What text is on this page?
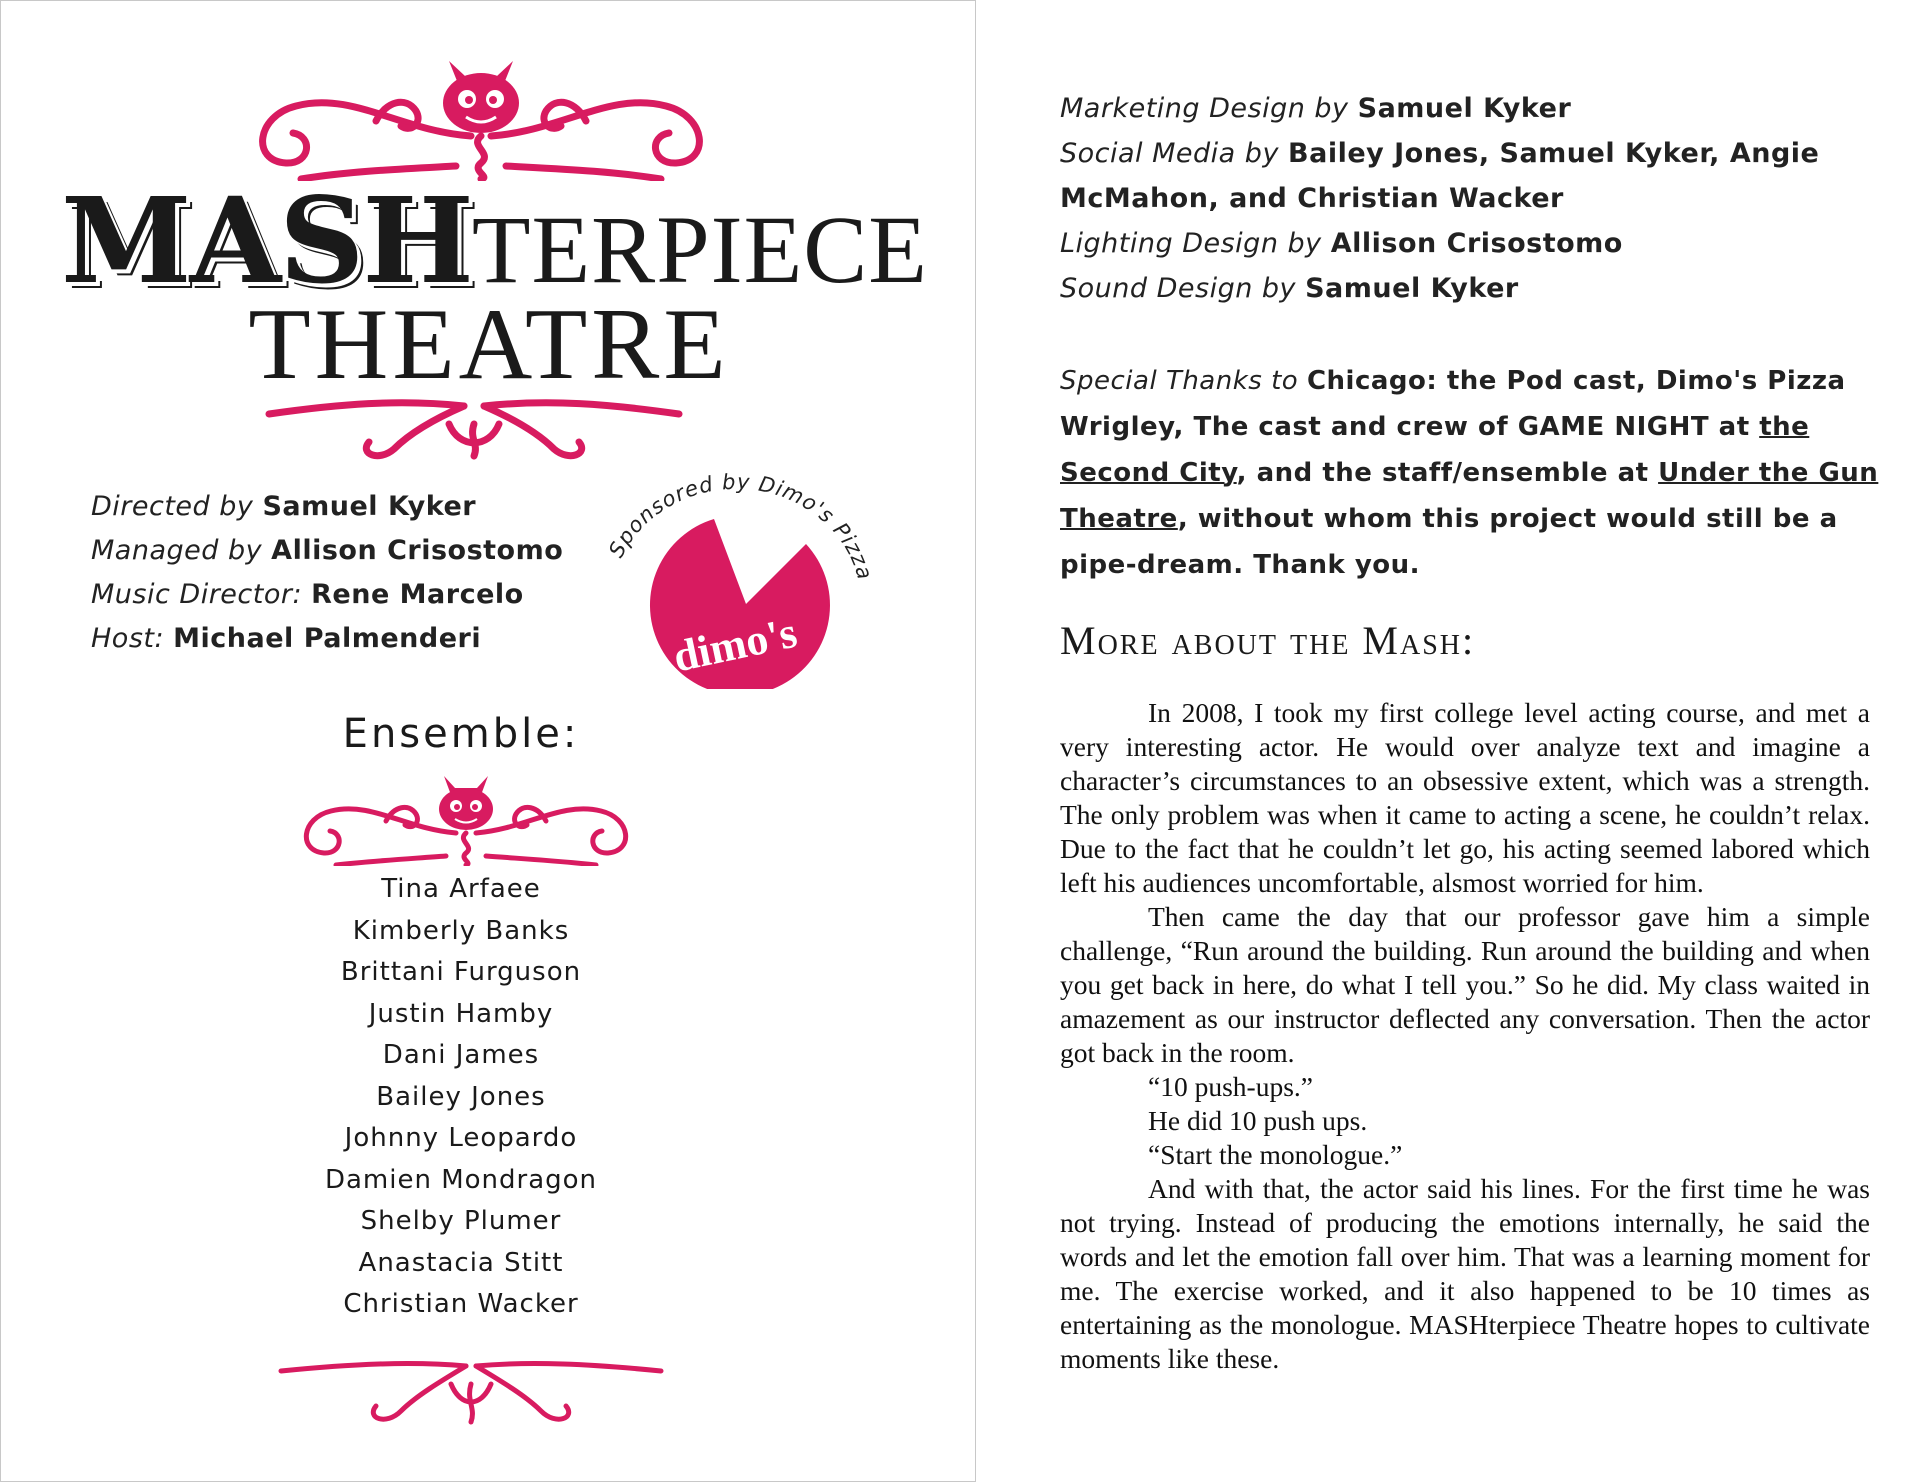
MASHTERPIECE
THEATRE
Directed by Samuel Kyker
Managed by Allison Crisostomo
Music Director: Rene Marcelo
Host: Michael Palmenderi
Sponsored by Dimo's Pizza
dimo's
Ensemble:
Tina Arfaee
Kimberly Banks
Brittani Furguson
Justin Hamby
Dani James
Bailey Jones
Johnny Leopardo
Damien Mondragon
Shelby Plumer
Anastacia Stitt
Christian Wacker
Marketing Design by Samuel Kyker
Social Media by Bailey Jones, Samuel Kyker, Angie McMahon, and Christian Wacker
Lighting Design by Allison Crisostomo
Sound Design by Samuel Kyker
Special Thanks to Chicago: the Pod cast, Dimo's Pizza Wrigley, The cast and crew of GAME NIGHT at the Second City, and the staff/ensemble at Under the Gun Theatre, without whom this project would still be a pipe-dream. Thank you.
More about the Mash:

In 2008, I took my first college level acting course, and met a very interesting actor. He would over analyze text and imagine a character’s circumstances to an obsessive extent, which was a strength. The only problem was when it came to acting a scene, he couldn’t relax. Due to the fact that he couldn’t let go, his acting seemed labored which left his audiences uncomfortable, alsmost worried for him.

Then came the day that our professor gave him a simple challenge, “Run around the building. Run around the building and when you get back in here, do what I tell you.” So he did. My class waited in amazement as our instructor deflected any conversation. Then the actor got back in the room.

“10 push-ups.”

He did 10 push ups.

“Start the monologue.”

And with that, the actor said his lines. For the first time he was not trying. Instead of producing the emotions internally, he said the words and let the emotion fall over him. That was a learning moment for me. The exercise worked, and it also happened to be 10 times as entertaining as the monologue. MASHterpiece Theatre hopes to cultivate moments like these.
